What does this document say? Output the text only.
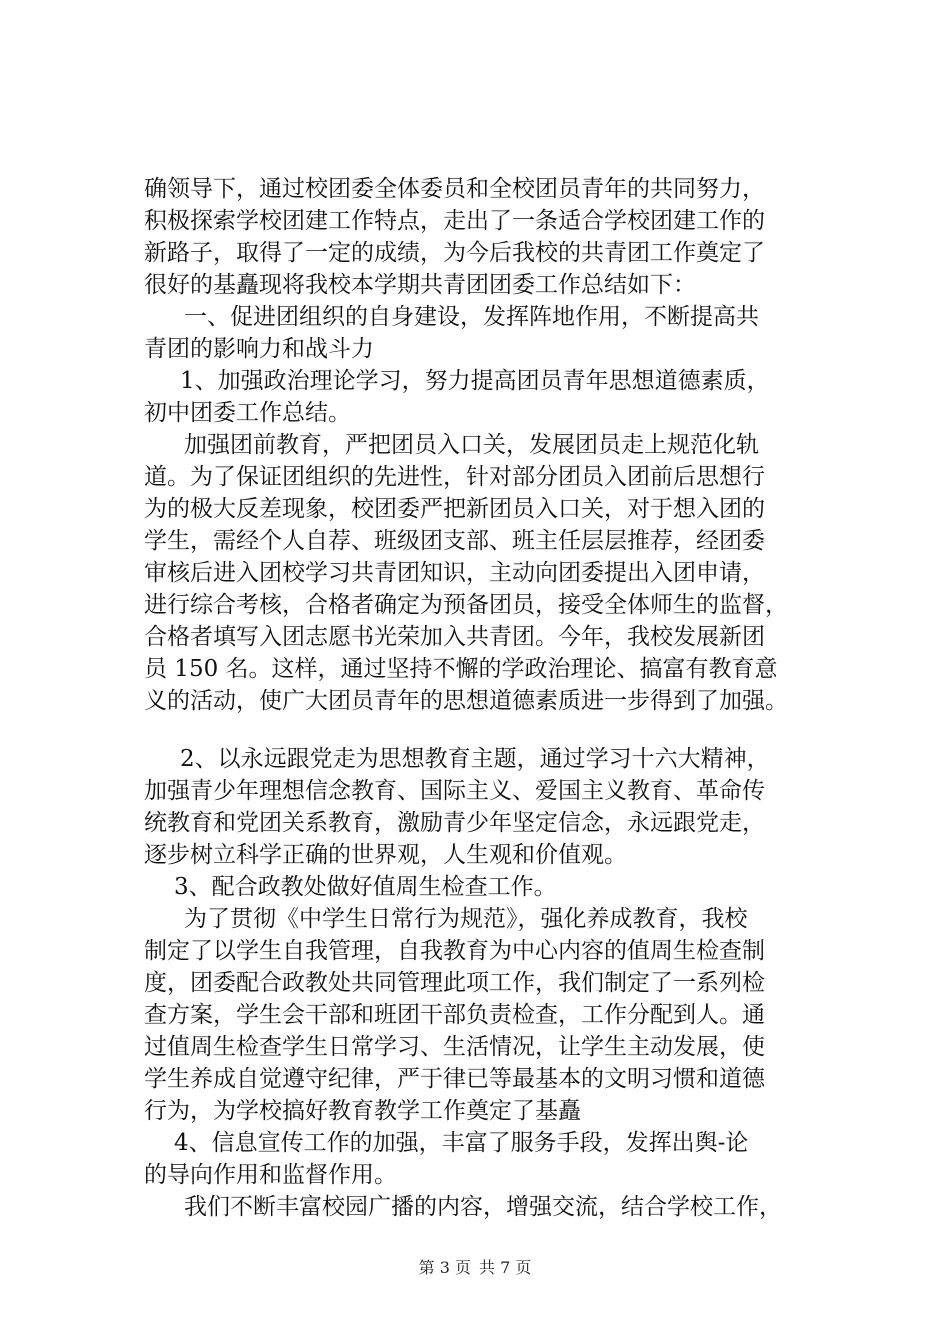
确领导下，通过校团委全体委员和全校团员青年的共同努力，
积极探索学校团建工作特点，走出了一条适合学校团建工作的
新路子，取得了一定的成绩，为今后我校的共青团工作奠定了
很好的基矗现将我校本学期共青团团委工作总结如下：
一、促进团组织的自身建设，发挥阵地作用，不断提高共
青团的影响力和战斗力
1、加强政治理论学习，努力提高团员青年思想道德素质，
初中团委工作总结。
加强团前教育，严把团员入口关，发展团员走上规范化轨
道。为了保证团组织的先进性，针对部分团员入团前后思想行
为的极大反差现象，校团委严把新团员入口关，对于想入团的
学生，需经个人自荐、班级团支部、班主任层层推荐，经团委
审核后进入团校学习共青团知识，主动向团委提出入团申请，
进行综合考核，合格者确定为预备团员，接受全体师生的监督，
合格者填写入团志愿书光荣加入共青团。今年，我校发展新团
员 150 名。这样，通过坚持不懈的学政治理论、搞富有教育意
义的活动，使广大团员青年的思想道德素质进一步得到了加强。
2、以永远跟党走为思想教育主题，通过学习十六大精神，
加强青少年理想信念教育、国际主义、爱国主义教育、革命传
统教育和党团关系教育，激励青少年坚定信念，永远跟党走，
逐步树立科学正确的世界观，人生观和价值观。
3、配合政教处做好值周生检查工作。
为了贯彻《中学生日常行为规范》，强化养成教育，我校
制定了以学生自我管理，自我教育为中心内容的值周生检查制
度，团委配合政教处共同管理此项工作，我们制定了一系列检
查方案，学生会干部和班团干部负责检查，工作分配到人。通
过值周生检查学生日常学习、生活情况，让学生主动发展，使
学生养成自觉遵守纪律，严于律已等最基本的文明习惯和道德
行为，为学校搞好教育教学工作奠定了基矗
4、信息宣传工作的加强，丰富了服务手段，发挥出舆-论
的导向作用和监督作用。
我们不断丰富校园广播的内容，增强交流，结合学校工作，
第 3 页 共 7 页
